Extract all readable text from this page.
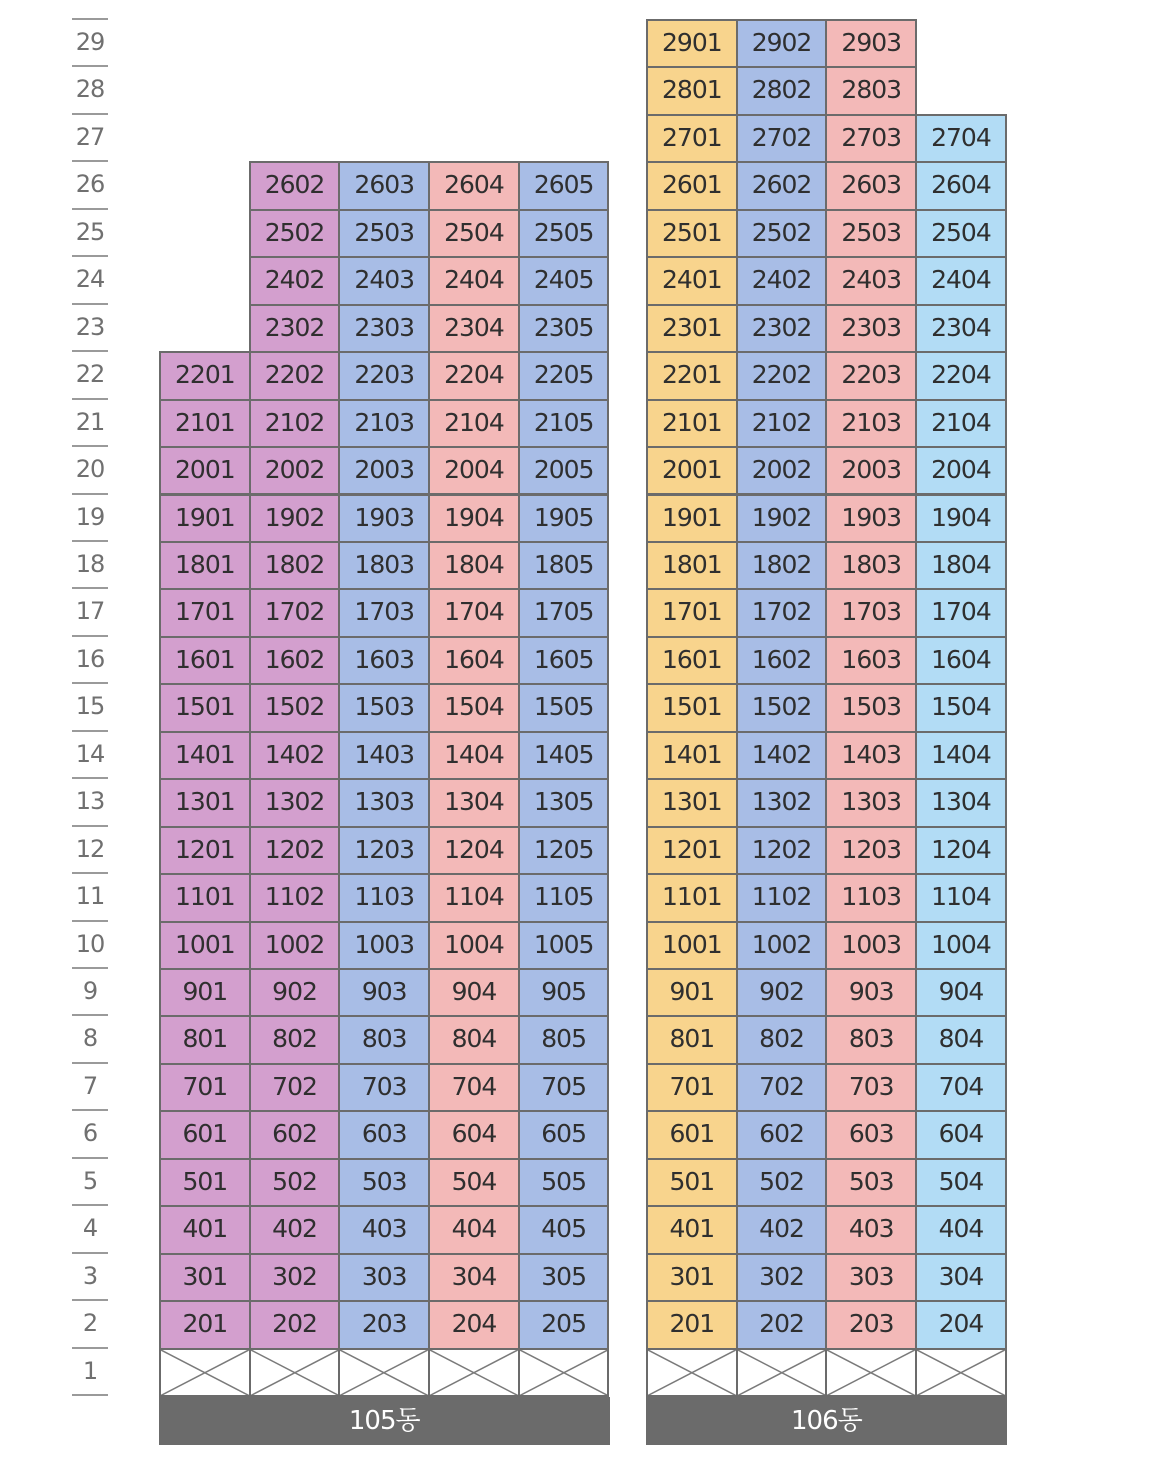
1
2
3
4
5
6
7
8
9
10
11
12
13
14
15
16
17
18
19
20
21
22
23
24
25
26
27
28
29
201
301
401
501
601
701
801
901
1001
1101
1201
1301
1401
1501
1601
1701
1801
1901
2001
2101
2201
202
302
402
502
602
702
802
902
1002
1102
1202
1302
1402
1502
1602
1702
1802
1902
2002
2102
2202
2302
2402
2502
2602
203
303
403
503
603
703
803
903
1003
1103
1203
1303
1403
1503
1603
1703
1803
1903
2003
2103
2203
2303
2403
2503
2603
204
304
404
504
604
704
804
904
1004
1104
1204
1304
1404
1504
1604
1704
1804
1904
2004
2104
2204
2304
2404
2504
2604
205
305
405
505
605
705
805
905
1005
1105
1205
1305
1405
1505
1605
1705
1805
1905
2005
2105
2205
2305
2405
2505
2605
105동
201
301
401
501
601
701
801
901
1001
1101
1201
1301
1401
1501
1601
1701
1801
1901
2001
2101
2201
2301
2401
2501
2601
2701
2801
2901
202
302
402
502
602
702
802
902
1002
1102
1202
1302
1402
1502
1602
1702
1802
1902
2002
2102
2202
2302
2402
2502
2602
2702
2802
2902
203
303
403
503
603
703
803
903
1003
1103
1203
1303
1403
1503
1603
1703
1803
1903
2003
2103
2203
2303
2403
2503
2603
2703
2803
2903
204
304
404
504
604
704
804
904
1004
1104
1204
1304
1404
1504
1604
1704
1804
1904
2004
2104
2204
2304
2404
2504
2604
2704
106동
